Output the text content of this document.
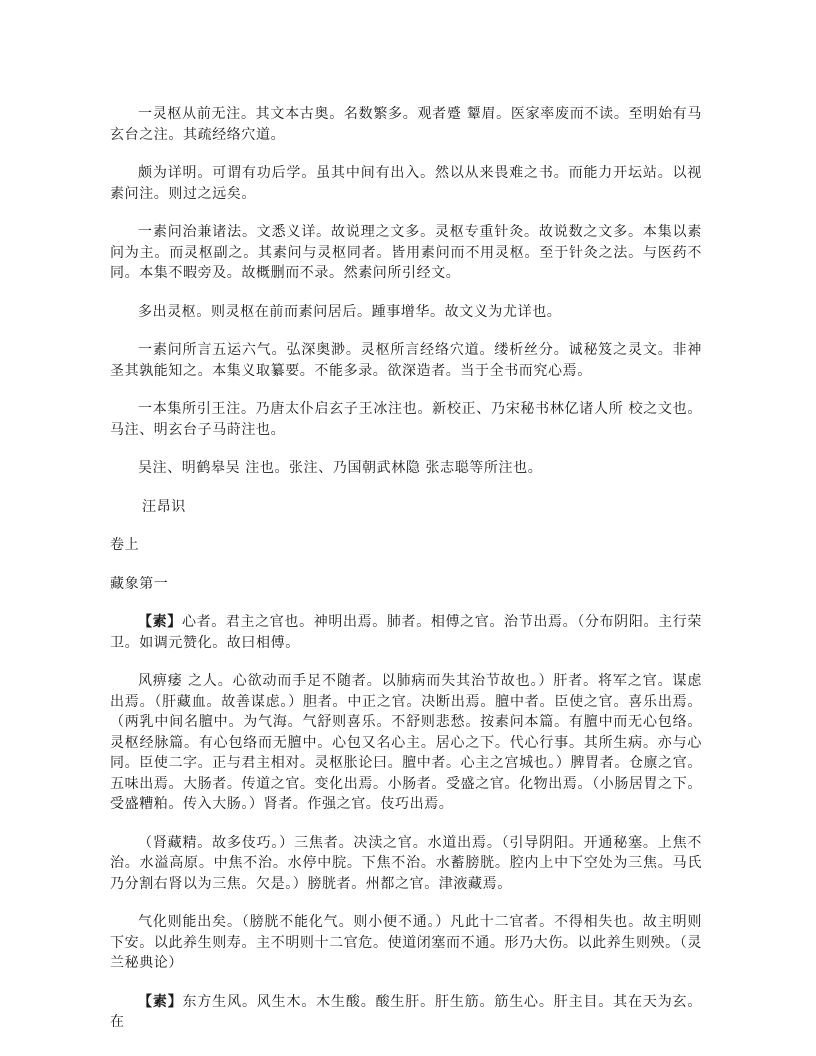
一灵枢从前无注。其文本古奥。名数繁多。观者蹙 颦眉。医家率废而不读。至明始有马玄台之注。其疏经络穴道。

颇为详明。可谓有功后学。虽其中间有出入。然以从来畏难之书。而能力开坛站。以视素问注。则过之远矣。

一素问治兼诸法。文悉义详。故说理之文多。灵枢专重针灸。故说数之文多。本集以素问为主。而灵枢副之。其素问与灵枢同者。皆用素问而不用灵枢。至于针灸之法。与医药不同。本集不暇旁及。故概删而不录。然素问所引经文。

多出灵枢。则灵枢在前而素问居后。踵事增华。故文义为尤详也。

一素问所言五运六气。弘深奥渺。灵枢所言经络穴道。缕析丝分。诚秘笈之灵文。非神圣其孰能知之。本集义取纂要。不能多录。欲深造者。当于全书而究心焉。

一本集所引王注。乃唐太仆启玄子王冰注也。新校正、乃宋秘书林亿诸人所 校之文也。马注、明玄台子马莳注也。

吴注、明鹤皋吴 注也。张注、乃国朝武林隐 张志聪等所注也。

汪昂识

卷上

藏象第一

【素】心者。君主之官也。神明出焉。肺者。相傅之官。治节出焉。（分布阴阳。主行荣卫。如调元赞化。故曰相傅。

风痹痿 之人。心欲动而手足不随者。以肺病而失其治节故也。）肝者。将军之官。谋虑出焉。（肝藏血。故善谋虑。）胆者。中正之官。决断出焉。膻中者。臣使之官。喜乐出焉。（两乳中间名膻中。为气海。气舒则喜乐。不舒则悲愁。按素问本篇。有膻中而无心包络。灵枢经脉篇。有心包络而无膻中。心包又名心主。居心之下。代心行事。其所生病。亦与心同。臣使二字。正与君主相对。灵枢胀论曰。膻中者。心主之宫城也。）脾胃者。仓廪之官。五味出焉。大肠者。传道之官。变化出焉。小肠者。受盛之官。化物出焉。（小肠居胃之下。受盛糟粕。传入大肠。）肾者。作强之官。伎巧出焉。

（肾藏精。故多伎巧。）三焦者。决渎之官。水道出焉。（引导阴阳。开通秘塞。上焦不治。水溢高原。中焦不治。水停中脘。下焦不治。水蓄膀胱。腔内上中下空处为三焦。马氏乃分割右肾以为三焦。欠是。）膀胱者。州都之官。津液藏焉。

气化则能出矣。（膀胱不能化气。则小便不通。）凡此十二官者。不得相失也。故主明则下安。以此养生则寿。主不明则十二官危。使道闭塞而不通。形乃大伤。以此养生则殃。（灵兰秘典论）

【素】东方生风。风生木。木生酸。酸生肝。肝生筋。筋生心。肝主目。其在天为玄。在
